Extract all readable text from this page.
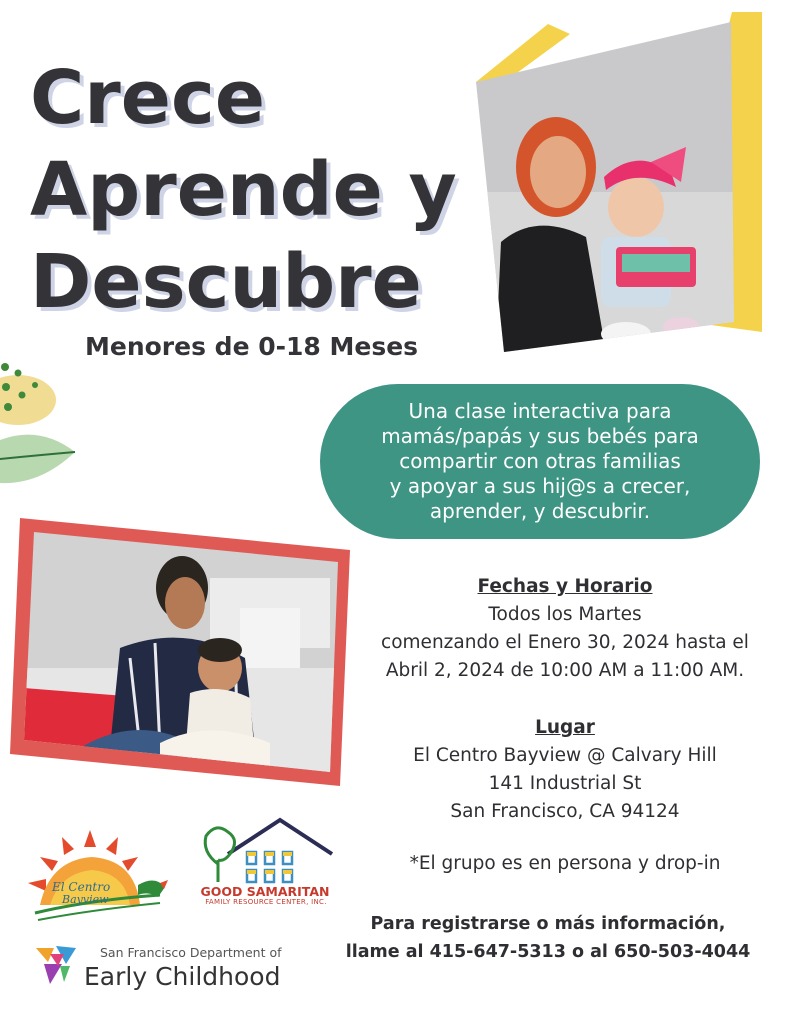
Crece
Aprende y
Descubre
Menores de 0-18 Meses
Una clase interactiva para
mamás/papás y sus bebés para
compartir con otras familias
y apoyar a sus hij@s a crecer,
aprender, y descubrir.
Fechas y Horario
Todos los Martes
comenzando el Enero 30, 2024 hasta el
Abril 2, 2024 de 10:00 AM a 11:00 AM.
Lugar
El Centro Bayview @ Calvary Hill
141 Industrial St
San Francisco, CA 94124
*El grupo es en persona y drop-in
Para registrarse o más información,
llame al 415-647-5313 o al 650-503-4044
El Centro
Bayview
GOOD SAMARITAN
FAMILY RESOURCE CENTER, INC.
San Francisco Department of
Early Childhood
